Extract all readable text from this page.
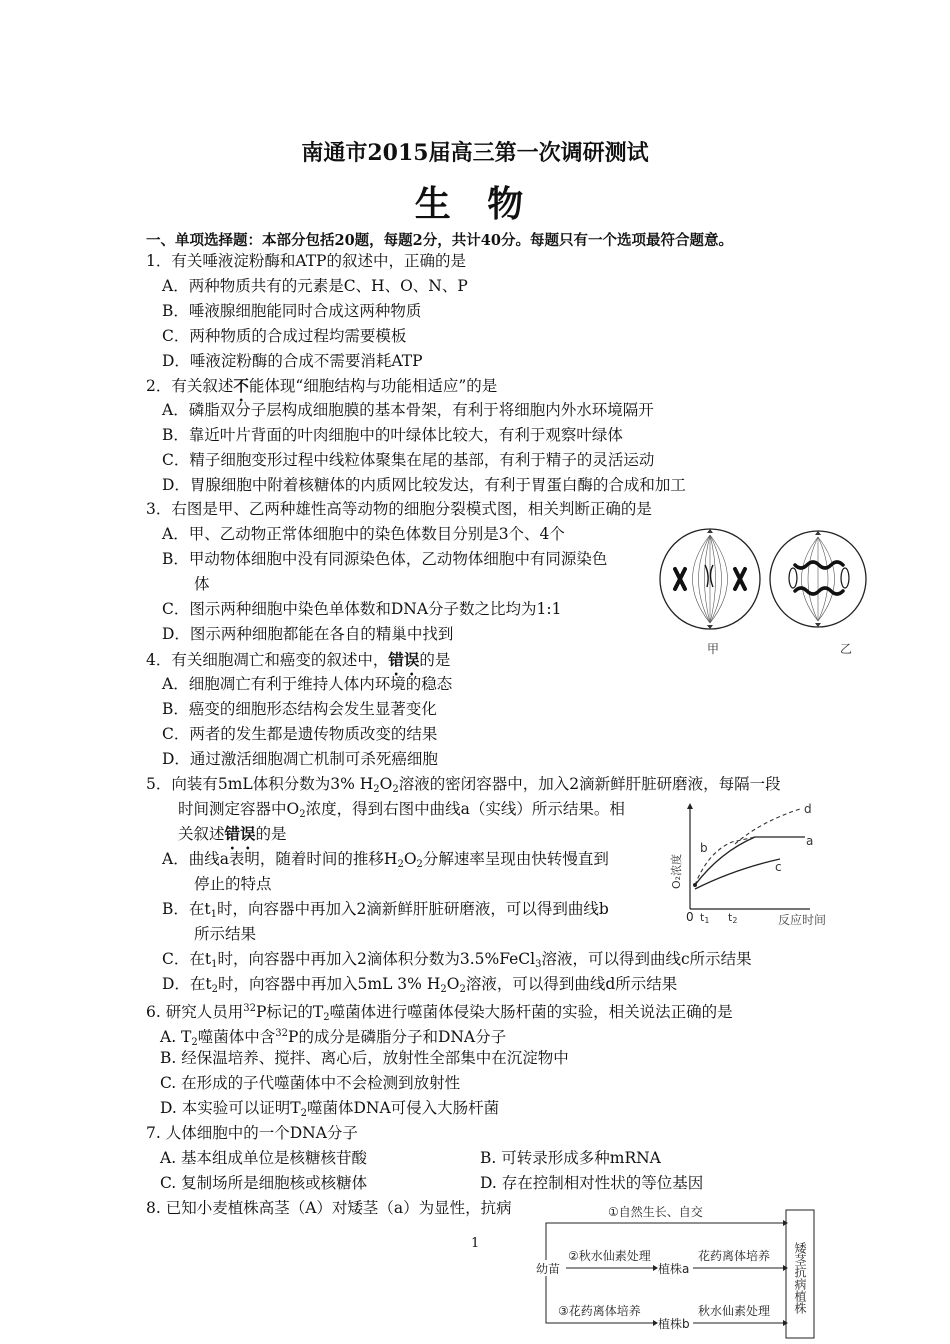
南通市2015届高三第一次调研测试
生 物
一、单项选择题：本部分包括20题，每题2分，共计40分。每题只有一个选项最符合题意。
1．有关唾液淀粉酶和ATP的叙述中，正确的是
A．两种物质共有的元素是C、H、O、N、P
B．唾液腺细胞能同时合成这两种物质
C．两种物质的合成过程均需要模板
D．唾液淀粉酶的合成不需要消耗ATP
2．有关叙述不能体现“细胞结构与功能相适应”的是
A．磷脂双分子层构成细胞膜的基本骨架，有利于将细胞内外水环境隔开
B．靠近叶片背面的叶肉细胞中的叶绿体比较大，有利于观察叶绿体
C．精子细胞变形过程中线粒体聚集在尾的基部，有利于精子的灵活运动
D．胃腺细胞中附着核糖体的内质网比较发达，有利于胃蛋白酶的合成和加工
3．右图是甲、乙两种雄性高等动物的细胞分裂模式图，相关判断正确的是
A．甲、乙动物正常体细胞中的染色体数目分别是3个、4个
B．甲动物体细胞中没有同源染色体，乙动物体细胞中有同源染色
体
C．图示两种细胞中染色单体数和DNA分子数之比均为1:1
D．图示两种细胞都能在各自的精巢中找到
甲	乙
4．有关细胞凋亡和癌变的叙述中，错误的是
A．细胞凋亡有利于维持人体内环境的稳态
B．癌变的细胞形态结构会发生显著变化
C．两者的发生都是遗传物质改变的结果
D．通过激活细胞凋亡机制可杀死癌细胞
5．向装有5mL体积分数为3% $H_2O_2$溶液的密闭容器中，加入2滴新鲜肝脏研磨液，每隔一段
时间测定容器中$O_2$浓度，得到右图中曲线a（实线）所示结果。相
关叙述错误的是
A．曲线a表明，随着时间的推移$H_2O_2$分解速率呈现由快转慢直到
停止的特点
B．在$t_1$时，向容器中再加入2滴新鲜肝脏研磨液，可以得到曲线b
所示结果
C．在$t_1$时，向容器中再加入2滴体积分数为3.5%FeCl$_3$溶液，可以得到曲线c所示结果
D．在$t_2$时，向容器中再加入5mL 3% $H_2O_2$溶液，可以得到曲线d所示结果
O₂浓度
0 t1 t2	反应时间
a
b
c
d
6. 研究人员用$^{32}$P标记的$T_2$噬菌体进行噬菌体侵染大肠杆菌的实验，相关说法正确的是
A. $T_2$噬菌体中含$^{32}$P的成分是磷脂分子和DNA分子
B. 经保温培养、搅拌、离心后，放射性全部集中在沉淀物中
C. 在形成的子代噬菌体中不会检测到放射性
D. 本实验可以证明$T_2$噬菌体DNA可侵入大肠杆菌
7. 人体细胞中的一个DNA分子
A. 基本组成单位是核糖核苷酸	B. 可转录形成多种mRNA
C. 复制场所是细胞核或核糖体	D. 存在控制相对性状的等位基因
8. 已知小麦植株高茎（A）对矮茎（a）为显性，抗病	①自然生长、自交
②秋水仙素处理	花药离体培养
幼苗	植株a
③花药离体培养	秋水仙素处理
植株b
矮茎抗病植株
1
